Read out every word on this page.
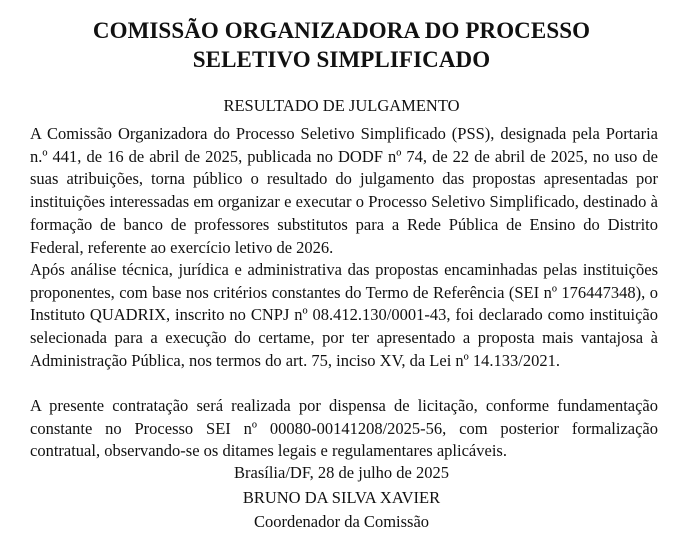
COMISSÃO ORGANIZADORA DO PROCESSO
SELETIVO SIMPLIFICADO
RESULTADO DE JULGAMENTO

A Comissão Organizadora do Processo Seletivo Simplificado (PSS), designada pela Portaria n.º 441, de 16 de abril de 2025, publicada no DODF nº 74, de 22 de abril de 2025, no uso de suas atribuições, torna público o resultado do julgamento das propostas apresentadas por instituições interessadas em organizar e executar o Processo Seletivo Simplificado, destinado à formação de banco de professores substitutos para a Rede Pública de Ensino do Distrito Federal, referente ao exercício letivo de 2026.

Após análise técnica, jurídica e administrativa das propostas encaminhadas pelas instituições proponentes, com base nos critérios constantes do Termo de Referência (SEI nº 176447348), o Instituto QUADRIX, inscrito no CNPJ nº 08.412.130/0001-43, foi declarado como instituição selecionada para a execução do certame, por ter apresentado a proposta mais vantajosa à Administração Pública, nos termos do art. 75, inciso XV, da Lei nº 14.133/2021.

A presente contratação será realizada por dispensa de licitação, conforme fundamentação constante no Processo SEI nº 00080-00141208/2025-56, com posterior formalização contratual, observando-se os ditames legais e regulamentares aplicáveis.

Brasília/DF, 28 de julho de 2025
BRUNO DA SILVA XAVIER
Coordenador da Comissão
